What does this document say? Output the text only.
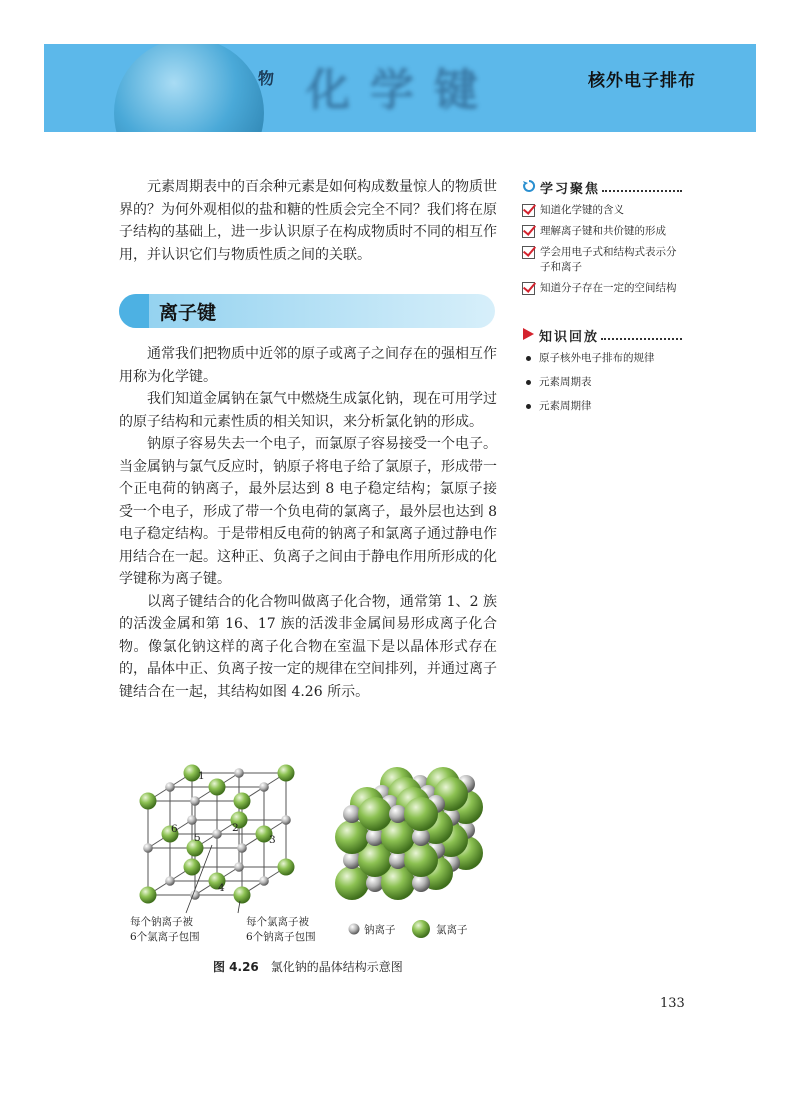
物 化学键	核外电子排布

元素周期表中的百余种元素是如何构成数量惊人的物质世界的？为何外观相似的盐和糖的性质会完全不同？我们将在原子结构的基础上，进一步认识原子在构成物质时不同的相互作用，并认识它们与物质性质之间的关联。

离子键

通常我们把物质中近邻的原子或离子之间存在的强相互作用称为化学键。

我们知道金属钠在氯气中燃烧生成氯化钠，现在可用学过的原子结构和元素性质的相关知识，来分析氯化钠的形成。

钠原子容易失去一个电子，而氯原子容易接受一个电子。当金属钠与氯气反应时，钠原子将电子给了氯原子，形成带一个正电荷的钠离子，最外层达到 8 电子稳定结构；氯原子接受一个电子，形成了带一个负电荷的氯离子，最外层也达到 8 电子稳定结构。于是带相反电荷的钠离子和氯离子通过静电作用结合在一起。这种正、负离子之间由于静电作用所形成的化学键称为离子键。

以离子键结合的化合物叫做离子化合物，通常第 1、2 族的活泼金属和第 16、17 族的活泼非金属间易形成离子化合物。像氯化钠这样的离子化合物在室温下是以晶体形式存在的，晶体中正、负离子按一定的规律在空间排列，并通过离子键结合在一起，其结构如图 4.26 所示。

学习聚焦
知道化学键的含义
理解离子键和共价键的形成
学会用电子式和结构式表示分子和离子
知道分子存在一定的空间结构
知识回放
原子核外电子排布的规律
元素周期表
元素周期律
1
2
3
4
5
6
每个钠离子被
6个氯离子包围
每个氯离子被
6个钠离子包围
钠离子	氯离子
图 4.26 氯化钠的晶体结构示意图
133
